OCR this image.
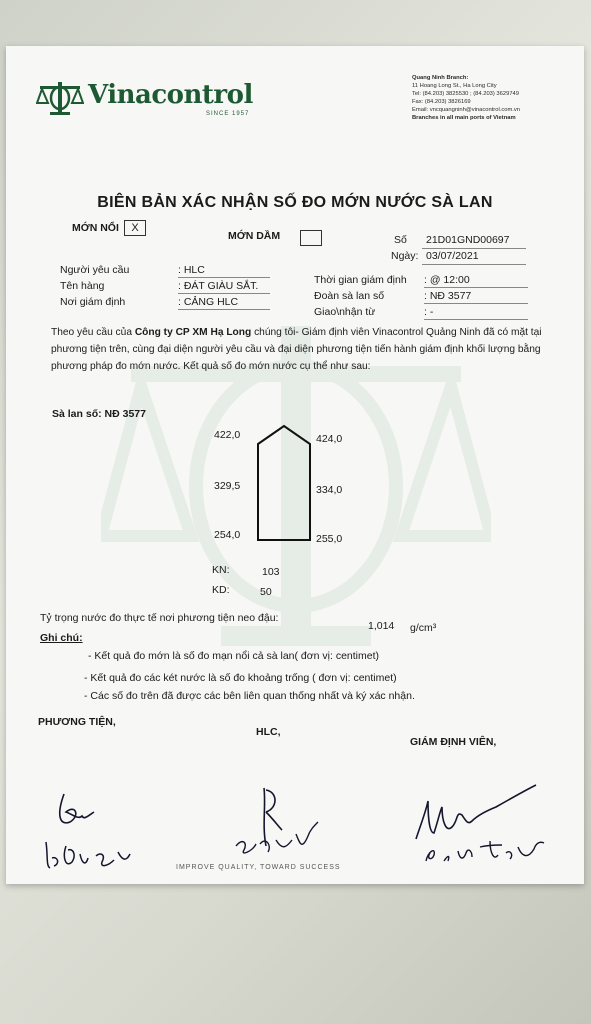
Vinacontrol
SINCE 1957
Quang Ninh Branch:
11 Hoang Long St., Ha Long City
Tel: (84.203) 3825530 ; (84.203) 3629749
Fax: (84.203) 3826169
Email: vncquangninh@vinacontrol.com.vn
Branches in all main ports of Vietnam
BIÊN BẢN XÁC NHẬN SỐ ĐO MỚN NƯỚC SÀ LAN
MỚN NỔI	X
MỚN DẦM	Số 21D01GND00697
Ngày: 03/07/2021
Người yêu cầu	: HLC
Tên hàng	: ĐÁT GIÀU SẮT.
Nơi giám định	: CẢNG HLC
Thời gian giám định : @ 12:00
Đoàn sà lan số	: NĐ 3577
Giao\nhận từ	: -
Theo yêu cầu của Công ty CP XM Hạ Long chúng tôi- Giám định viên Vinacontrol Quảng Ninh đã có mặt tại phương tiện trên, cùng đại diện người yêu cầu và đại diện phương tiện tiến hành giám định khối lượng bằng phương pháp đo mớn nước. Kết quả số đo mớn nước cụ thể như sau:
Sà lan số: NĐ 3577
422,0
329,5
254,0
424,0
334,0
255,0
KN:	103
KD:	50
Tỷ trọng nước đo thực tế nơi phương tiện neo đậu:
1,014 g/cm³
Ghi chú:
- Kết quả đo mớn là số đo mạn nổi cả sà lan( đơn vị: centimet)
- Kết quả đo các két nước là số đo khoảng trống ( đơn vị: centimet)
- Các số đo trên đã được các bên liên quan thống nhất và ký xác nhận.
PHƯƠNG TIỆN,
HLC,
GIÁM ĐỊNH VIÊN,
IMPROVE QUALITY, TOWARD SUCCESS
